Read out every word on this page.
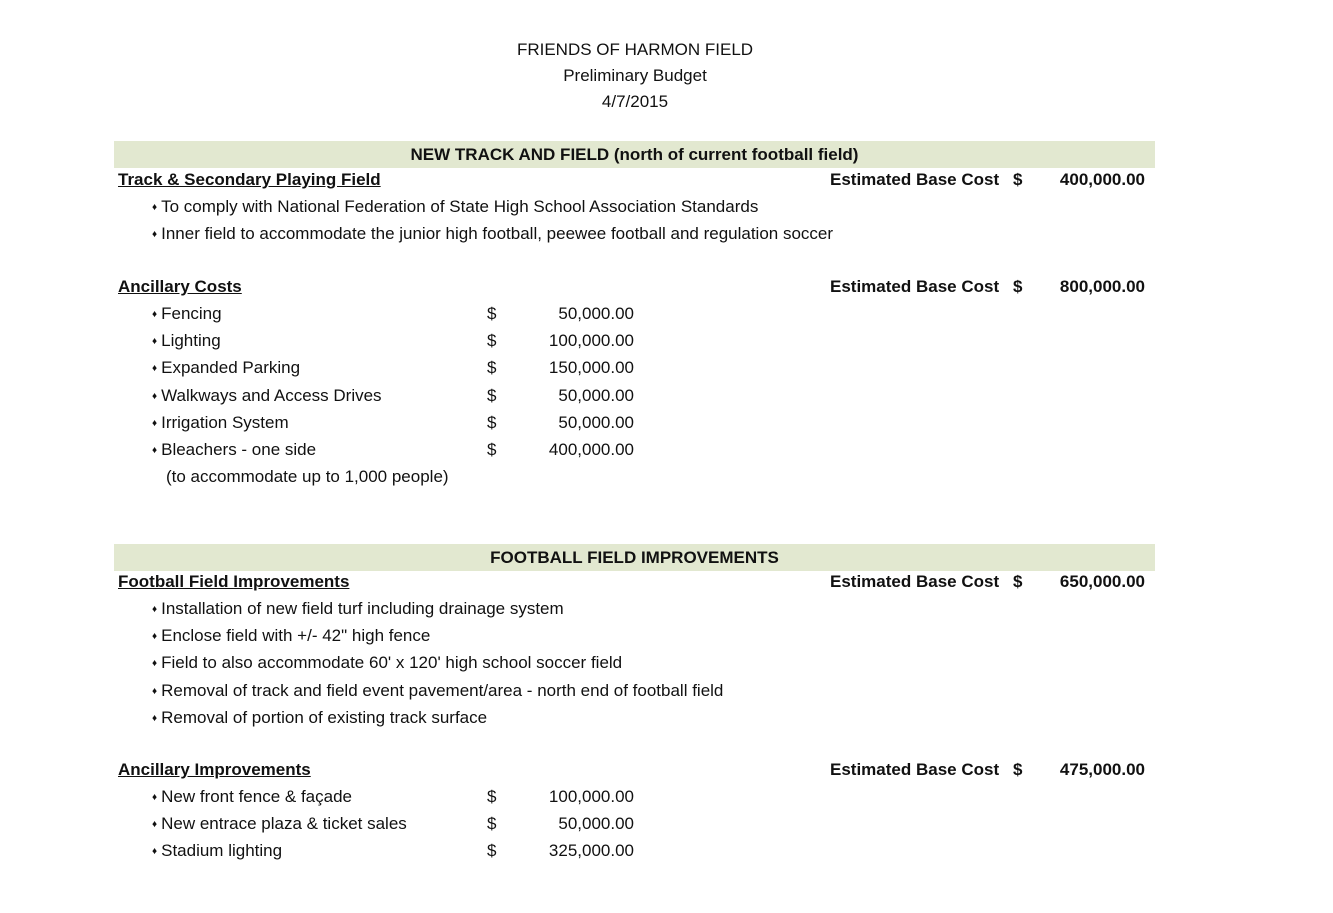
FRIENDS OF HARMON FIELD
Preliminary Budget
4/7/2015
NEW TRACK AND FIELD (north of current football field)
Track & Secondary Playing Field	Estimated Base Cost $	400,000.00
♦ To comply with National Federation of State High School Association Standards
♦ Inner field to accommodate the junior high football, peewee football and regulation soccer
Ancillary Costs	Estimated Base Cost $	800,000.00
♦ Fencing	$	50,000.00
♦ Lighting	$	100,000.00
♦ Expanded Parking	$	150,000.00
♦ Walkways and Access Drives	$	50,000.00
♦ Irrigation System	$	50,000.00
♦ Bleachers - one side	$	400,000.00
(to accommodate up to 1,000 people)
FOOTBALL FIELD IMPROVEMENTS
Football Field Improvements	Estimated Base Cost $	650,000.00
♦ Installation of new field turf including drainage system
♦ Enclose field with +/- 42" high fence
♦ Field to also accommodate 60' x 120' high school soccer field
♦ Removal of track and field event pavement/area - north end of football field
♦ Removal of portion of existing track surface
Ancillary Improvements	Estimated Base Cost $	475,000.00
♦ New front fence & façade	$	100,000.00
♦ New entrace plaza & ticket sales	$	50,000.00
♦ Stadium lighting	$	325,000.00
